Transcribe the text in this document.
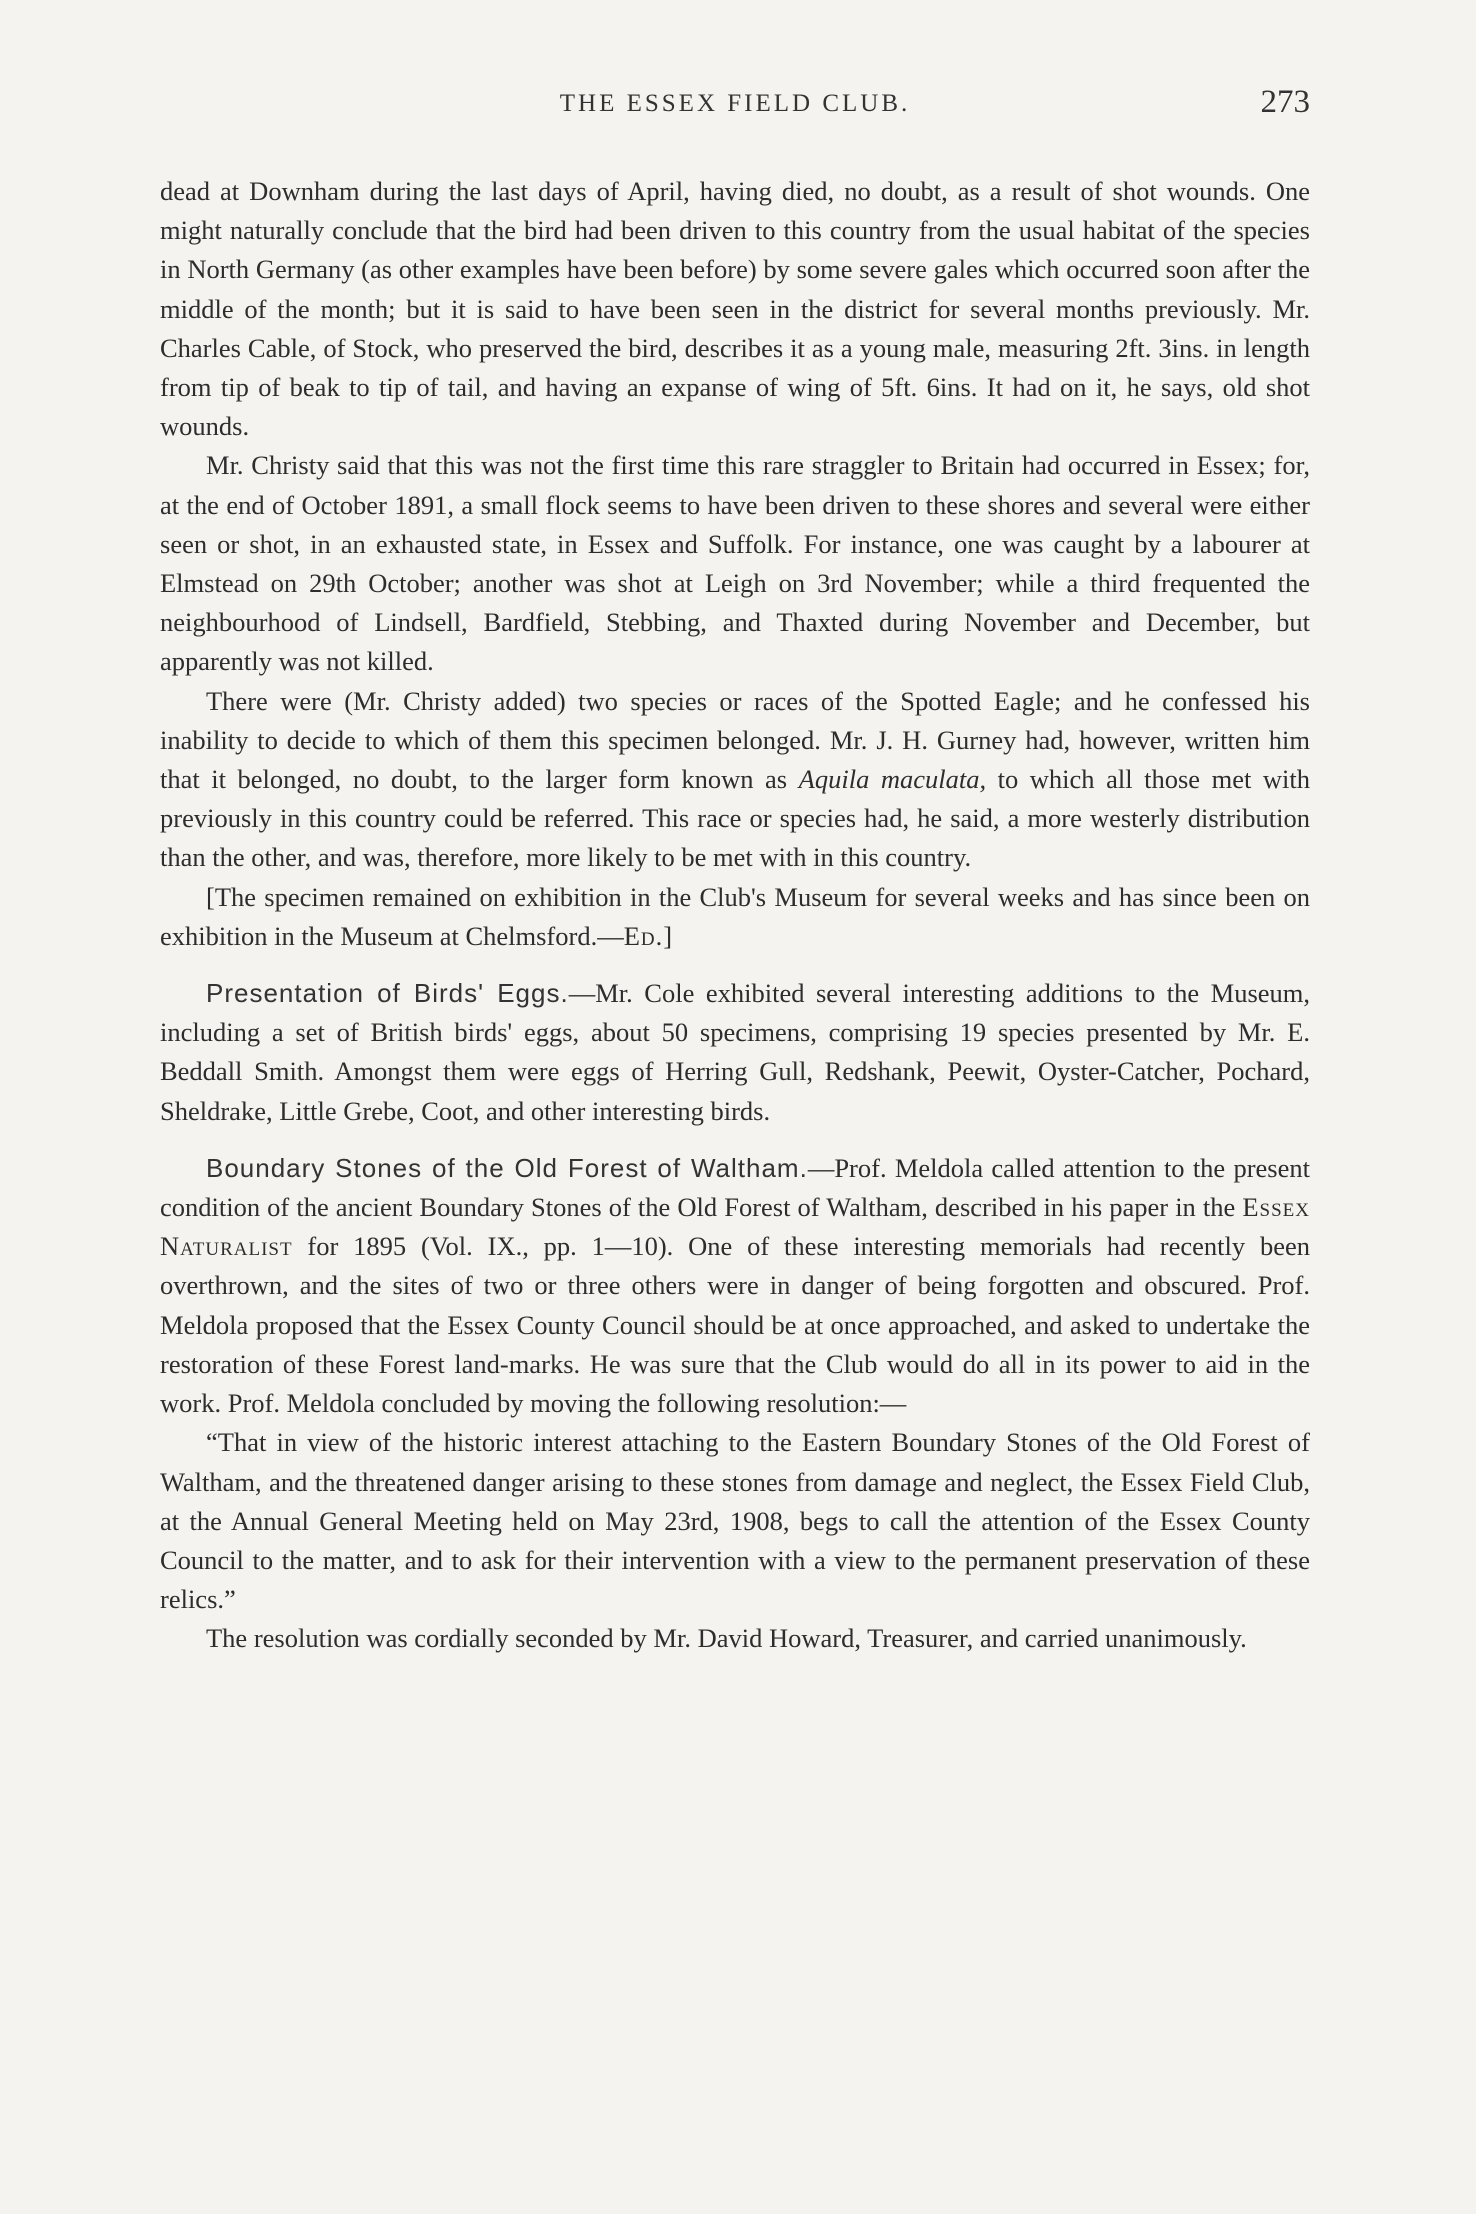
THE ESSEX FIELD CLUB.	273

dead at Downham during the last days of April, having died, no doubt, as a result of shot wounds. One might naturally conclude that the bird had been driven to this country from the usual habitat of the species in North Germany (as other examples have been before) by some severe gales which occurred soon after the middle of the month; but it is said to have been seen in the district for several months previously. Mr. Charles Cable, of Stock, who preserved the bird, describes it as a young male, measuring 2ft. 3ins. in length from tip of beak to tip of tail, and having an expanse of wing of 5ft. 6ins. It had on it, he says, old shot wounds.

Mr. Christy said that this was not the first time this rare straggler to Britain had occurred in Essex; for, at the end of October 1891, a small flock seems to have been driven to these shores and several were either seen or shot, in an exhausted state, in Essex and Suffolk. For instance, one was caught by a labourer at Elmstead on 29th October; another was shot at Leigh on 3rd November; while a third frequented the neighbourhood of Lindsell, Bardfield, Stebbing, and Thaxted during November and December, but apparently was not killed.

There were (Mr. Christy added) two species or races of the Spotted Eagle; and he confessed his inability to decide to which of them this specimen belonged. Mr. J. H. Gurney had, however, written him that it belonged, no doubt, to the larger form known as Aquila maculata, to which all those met with previously in this country could be referred. This race or species had, he said, a more westerly distribution than the other, and was, therefore, more likely to be met with in this country.

[The specimen remained on exhibition in the Club's Museum for several weeks and has since been on exhibition in the Museum at Chelmsford.—Ed.]

Presentation of Birds' Eggs.—Mr. Cole exhibited several interesting additions to the Museum, including a set of British birds' eggs, about 50 specimens, comprising 19 species presented by Mr. E. Beddall Smith. Amongst them were eggs of Herring Gull, Redshank, Peewit, Oyster-Catcher, Pochard, Sheldrake, Little Grebe, Coot, and other interesting birds.

Boundary Stones of the Old Forest of Waltham.—Prof. Meldola called attention to the present condition of the ancient Boundary Stones of the Old Forest of Waltham, described in his paper in the Essex Naturalist for 1895 (Vol. IX., pp. 1—10). One of these interesting memorials had recently been overthrown, and the sites of two or three others were in danger of being forgotten and obscured. Prof. Meldola proposed that the Essex County Council should be at once approached, and asked to undertake the restoration of these Forest land-marks. He was sure that the Club would do all in its power to aid in the work. Prof. Meldola concluded by moving the following resolution:—

“That in view of the historic interest attaching to the Eastern Boundary Stones of the Old Forest of Waltham, and the threatened danger arising to these stones from damage and neglect, the Essex Field Club, at the Annual General Meeting held on May 23rd, 1908, begs to call the attention of the Essex County Council to the matter, and to ask for their intervention with a view to the permanent preservation of these relics.”

The resolution was cordially seconded by Mr. David Howard, Treasurer, and carried unanimously.
